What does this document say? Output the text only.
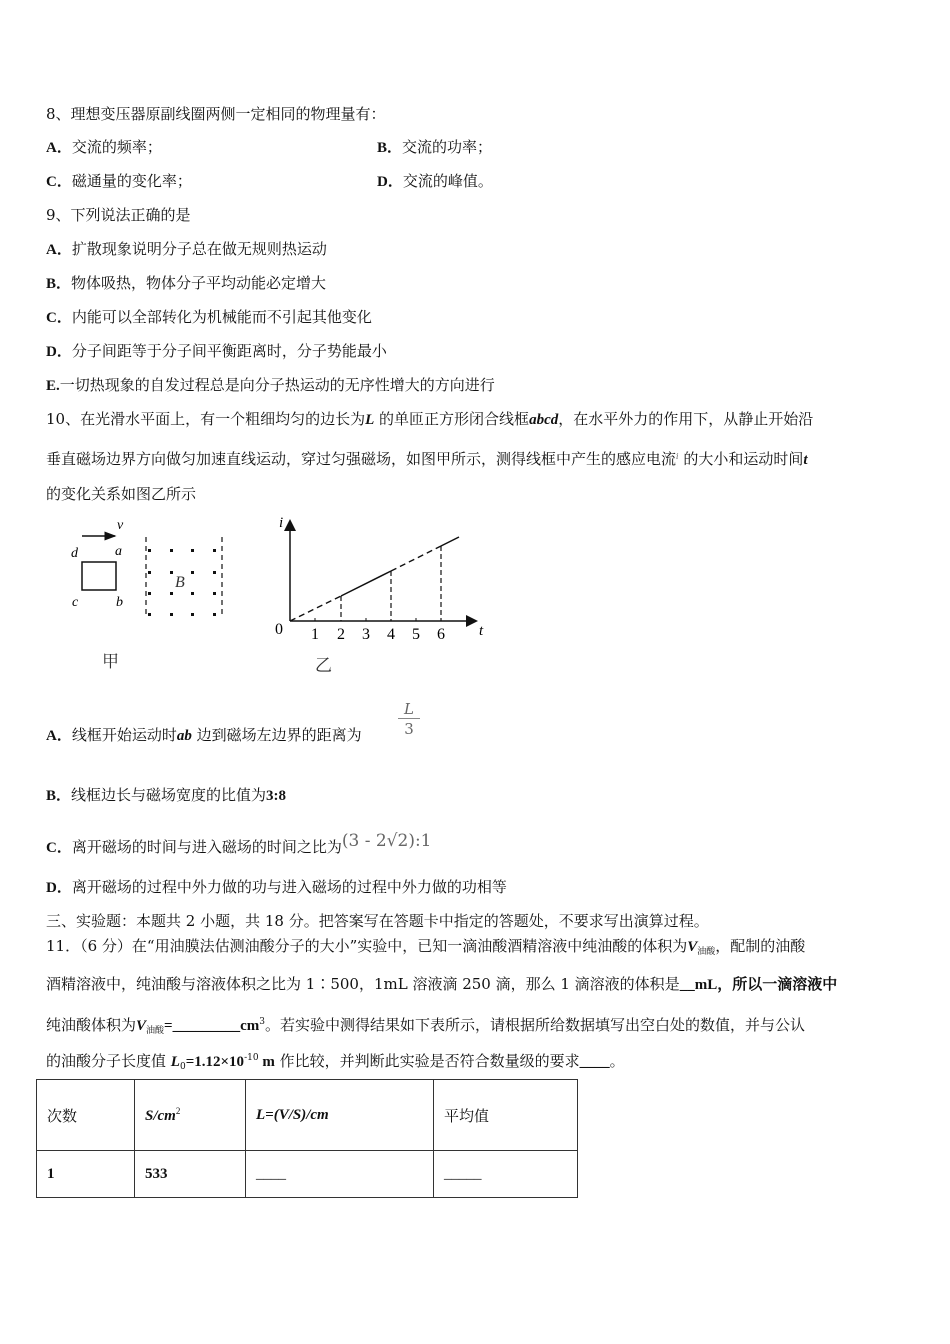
8、理想变压器原副线圈两侧一定相同的物理量有：
A．交流的频率；	B．交流的功率；
C．磁通量的变化率；	D．交流的峰值。
9、下列说法正确的是
A．扩散现象说明分子总在做无规则热运动
B．物体吸热，物体分子平均动能必定增大
C．内能可以全部转化为机械能而不引起其他变化
D．分子间距等于分子间平衡距离时，分子势能最小
E.一切热现象的自发过程总是向分子热运动的无序性增大的方向进行
10、在光滑水平面上，有一个粗细均匀的边长为L 的单匝正方形闭合线框abcd，在水平外力的作用下，从静止开始沿
垂直磁场边界方向做匀加速直线运动，穿过匀强磁场，如图甲所示，测得线框中产生的感应电流$^i$ 的大小和运动时间t
的变化关系如图乙所示
v
d	a
c	b
B
甲
i
t
0 1 2 3 4 5 6
乙
A．线框开始运动时ab 边到磁场左边界的距离为 $\frac{L}{3}$
B．线框边长与磁场宽度的比值为3:8
C．离开磁场的时间与进入磁场的时间之比为(3 - 2√2):1
D．离开磁场的过程中外力做的功与进入磁场的过程中外力做的功相等
三、实验题：本题共 2 小题，共 18 分。把答案写在答题卡中指定的答题处，不要求写出演算过程。
11．（6 分）在“用油膜法估测油酸分子的大小”实验中，已知一滴油酸酒精溶液中纯油酸的体积为$V_{油酸}$，配制的油酸
酒精溶液中，纯油酸与溶液体积之比为 1∶500，1mL 溶液滴 250 滴，那么 1 滴溶液的体积是__mL，所以一滴溶液中
纯油酸体积为$V_{油酸}=\_\_\_\_\_\_\_\_\_cm^3$。若实验中测得结果如下表所示，请根据所给数据填写出空白处的数值，并与公认
的油酸分子长度值 $L_0=1.12\times 10^{-10}$ m 作比较，并判断此实验是否符合数量级的要求____。
次数	$S/cm^2$	L=(V/S)/cm	平均值
1	533	____	_____
